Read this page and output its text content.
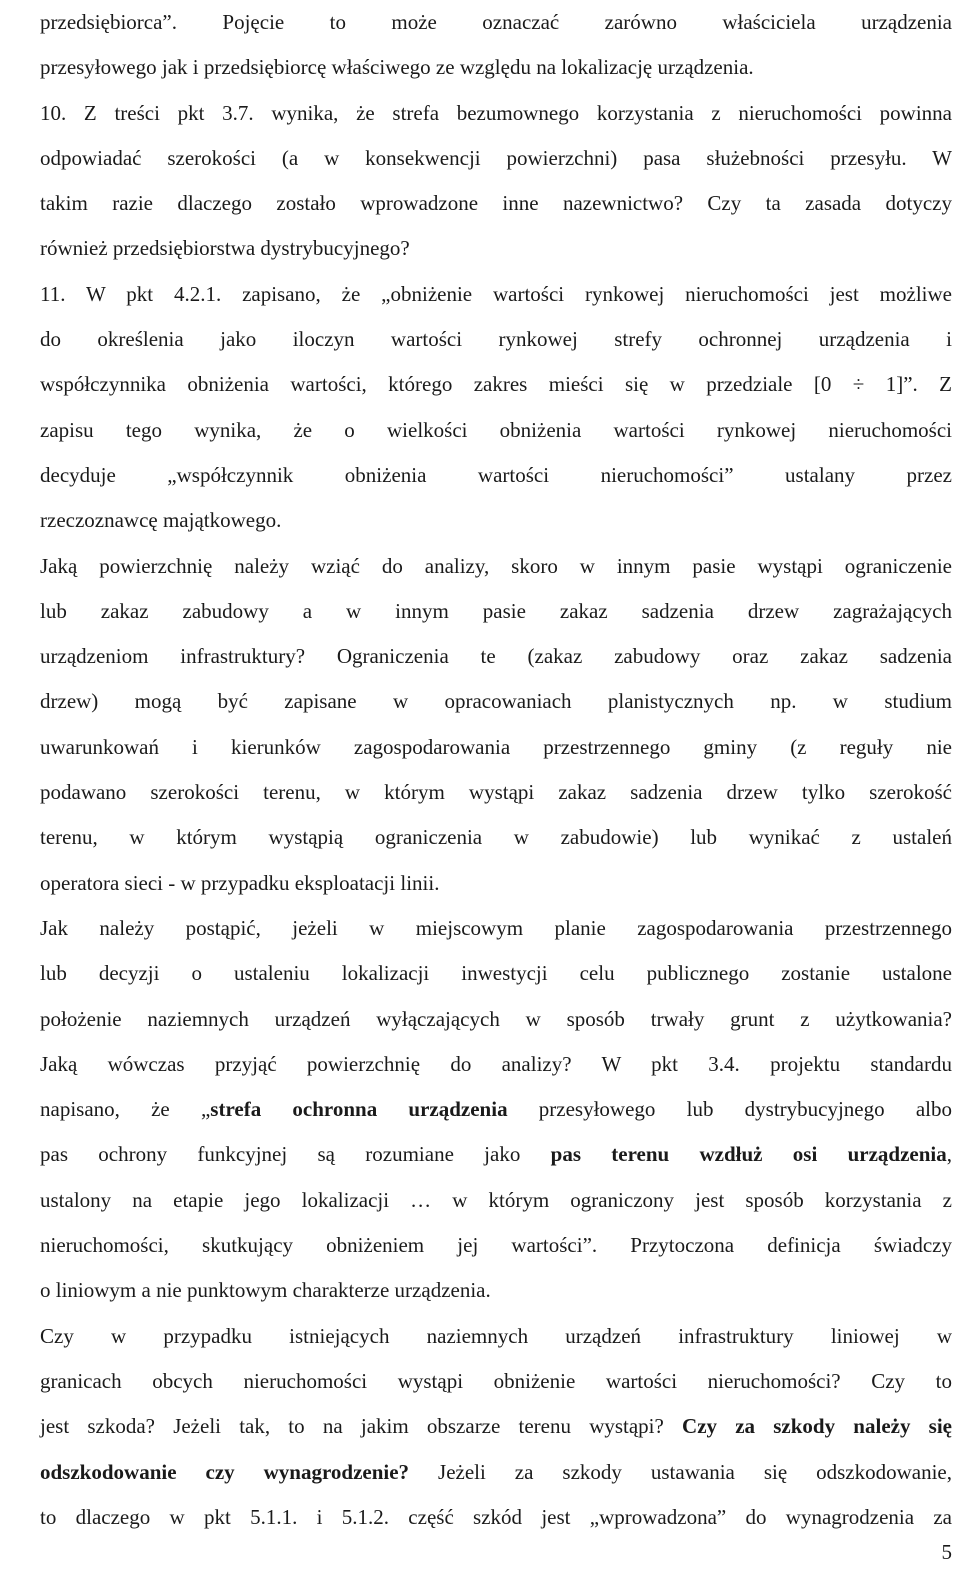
przedsiębiorca”. Pojęcie to może oznaczać zarówno właściciela urządzenia
przesyłowego jak i przedsiębiorcę właściwego ze względu na lokalizację urządzenia.
10. Z treści pkt 3.7. wynika, że strefa bezumownego korzystania z nieruchomości powinna
odpowiadać szerokości (a w konsekwencji powierzchni) pasa służebności przesyłu. W
takim razie dlaczego zostało wprowadzone inne nazewnictwo? Czy ta zasada dotyczy
również przedsiębiorstwa dystrybucyjnego?
11. W pkt 4.2.1. zapisano, że „obniżenie wartości rynkowej nieruchomości jest możliwe
do określenia jako iloczyn wartości rynkowej strefy ochronnej urządzenia i
współczynnika obniżenia wartości, którego zakres mieści się w przedziale [0 ÷ 1]”. Z
zapisu tego wynika, że o wielkości obniżenia wartości rynkowej nieruchomości
decyduje „współczynnik obniżenia wartości nieruchomości” ustalany przez
rzeczoznawcę majątkowego.
Jaką powierzchnię należy wziąć do analizy, skoro w innym pasie wystąpi ograniczenie
lub zakaz zabudowy a w innym pasie zakaz sadzenia drzew zagrażających
urządzeniom infrastruktury? Ograniczenia te (zakaz zabudowy oraz zakaz sadzenia
drzew) mogą być zapisane w opracowaniach planistycznych np. w studium
uwarunkowań i kierunków zagospodarowania przestrzennego gminy (z reguły nie
podawano szerokości terenu, w którym wystąpi zakaz sadzenia drzew tylko szerokość
terenu, w którym wystąpią ograniczenia w zabudowie) lub wynikać z ustaleń
operatora sieci - w przypadku eksploatacji linii.
Jak należy postąpić, jeżeli w miejscowym planie zagospodarowania przestrzennego
lub decyzji o ustaleniu lokalizacji inwestycji celu publicznego zostanie ustalone
położenie naziemnych urządzeń wyłączających w sposób trwały grunt z użytkowania?
Jaką wówczas przyjąć powierzchnię do analizy? W pkt 3.4. projektu standardu
napisano, że „strefa ochronna urządzenia przesyłowego lub dystrybucyjnego albo
pas ochrony funkcyjnej są rozumiane jako pas terenu wzdłuż osi urządzenia,
ustalony na etapie jego lokalizacji … w którym ograniczony jest sposób korzystania z
nieruchomości, skutkujący obniżeniem jej wartości”. Przytoczona definicja świadczy
o liniowym a nie punktowym charakterze urządzenia.
Czy w przypadku istniejących naziemnych urządzeń infrastruktury liniowej w
granicach obcych nieruchomości wystąpi obniżenie wartości nieruchomości? Czy to
jest szkoda? Jeżeli tak, to na jakim obszarze terenu wystąpi? Czy za szkody należy się
odszkodowanie czy wynagrodzenie? Jeżeli za szkody ustawania się odszkodowanie,
to dlaczego w pkt 5.1.1. i 5.1.2. część szkód jest „wprowadzona” do wynagrodzenia za
5
